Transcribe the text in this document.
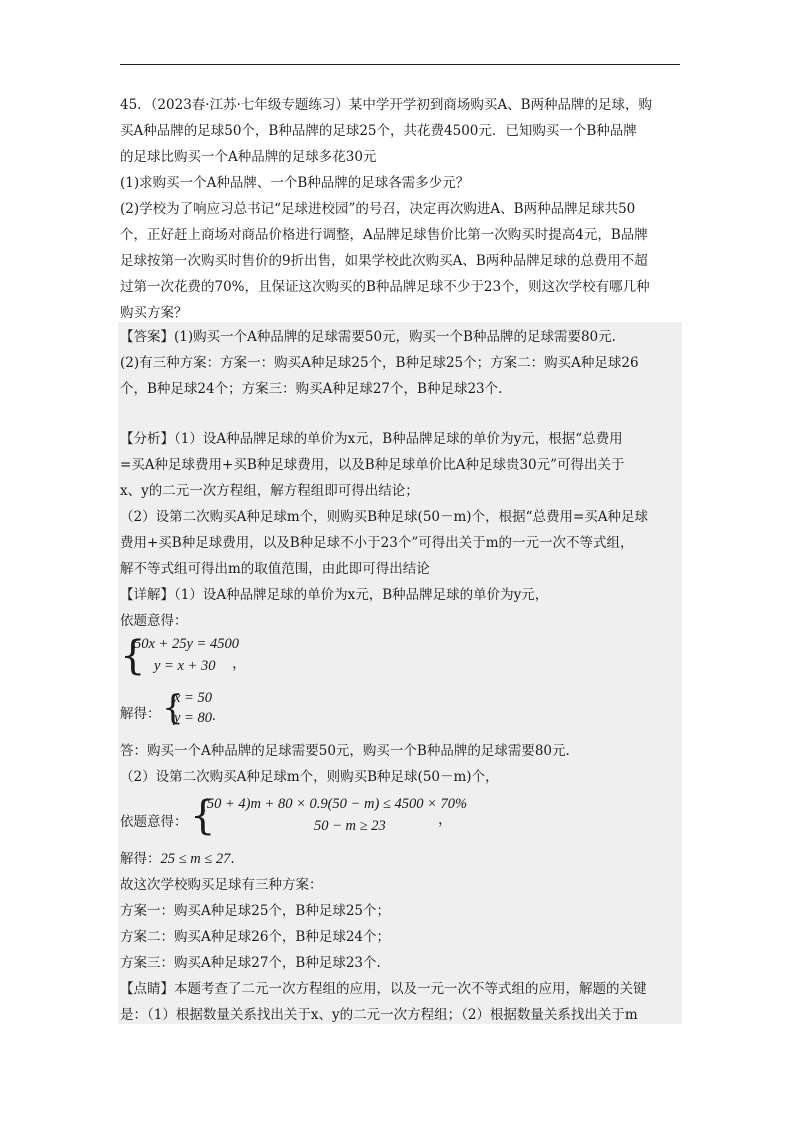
45．（2023春·江苏·七年级专题练习）某中学开学初到商场购买A、B两种品牌的足球，购
买A种品牌的足球50个，B种品牌的足球25个，共花费4500元．已知购买一个B种品牌
的足球比购买一个A种品牌的足球多花30元
(1)求购买一个A种品牌、一个B种品牌的足球各需多少元？
(2)学校为了响应习总书记“足球进校园”的号召，决定再次购进A、B两种品牌足球共50
个，正好赶上商场对商品价格进行调整，A品牌足球售价比第一次购买时提高4元，B品牌
足球按第一次购买时售价的9折出售，如果学校此次购买A、B两种品牌足球的总费用不超
过第一次花费的70%，且保证这次购买的B种品牌足球不少于23个，则这次学校有哪几种
购买方案？
【答案】(1)购买一个A种品牌的足球需要50元，购买一个B种品牌的足球需要80元.
(2)有三种方案：方案一：购买A种足球25个，B种足球25个；方案二：购买A种足球26
个，B种足球24个；方案三：购买A种足球27个，B种足球23个.
【分析】（1）设A种品牌足球的单价为x元，B种品牌足球的单价为y元，根据“总费用
=买A种足球费用+买B种足球费用，以及B种足球单价比A种足球贵30元”可得出关于
x、y的二元一次方程组，解方程组即可得出结论；
（2）设第二次购买A种足球m个，则购买B种足球(50－m)个，根据“总费用=买A种足球
费用+买B种足球费用，以及B种足球不小于23个”可得出关于m的一元一次不等式组，
解不等式组可得出m的取值范围，由此即可得出结论
【详解】（1）设A种品牌足球的单价为x元，B种品牌足球的单价为y元，
依题意得：
{
50x + 25y = 4500
y = x + 30 ，
解得： {
x = 50
y = 80 .
答：购买一个A种品牌的足球需要50元，购买一个B种品牌的足球需要80元.
（2）设第二次购买A种足球m个，则购买B种足球(50－m)个，
依题意得： {
(50 + 4)m + 80 × 0.9(50 − m) ≤ 4500 × 70%
50 − m ≥ 23	，
解得：25 ≤ m ≤ 27.
故这次学校购买足球有三种方案：
方案一：购买A种足球25个，B种足球25个；
方案二：购买A种足球26个，B种足球24个；
方案三：购买A种足球27个，B种足球23个.
【点睛】本题考查了二元一次方程组的应用，以及一元一次不等式组的应用，解题的关键
是：（1）根据数量关系找出关于x、y的二元一次方程组；（2）根据数量关系找出关于m
